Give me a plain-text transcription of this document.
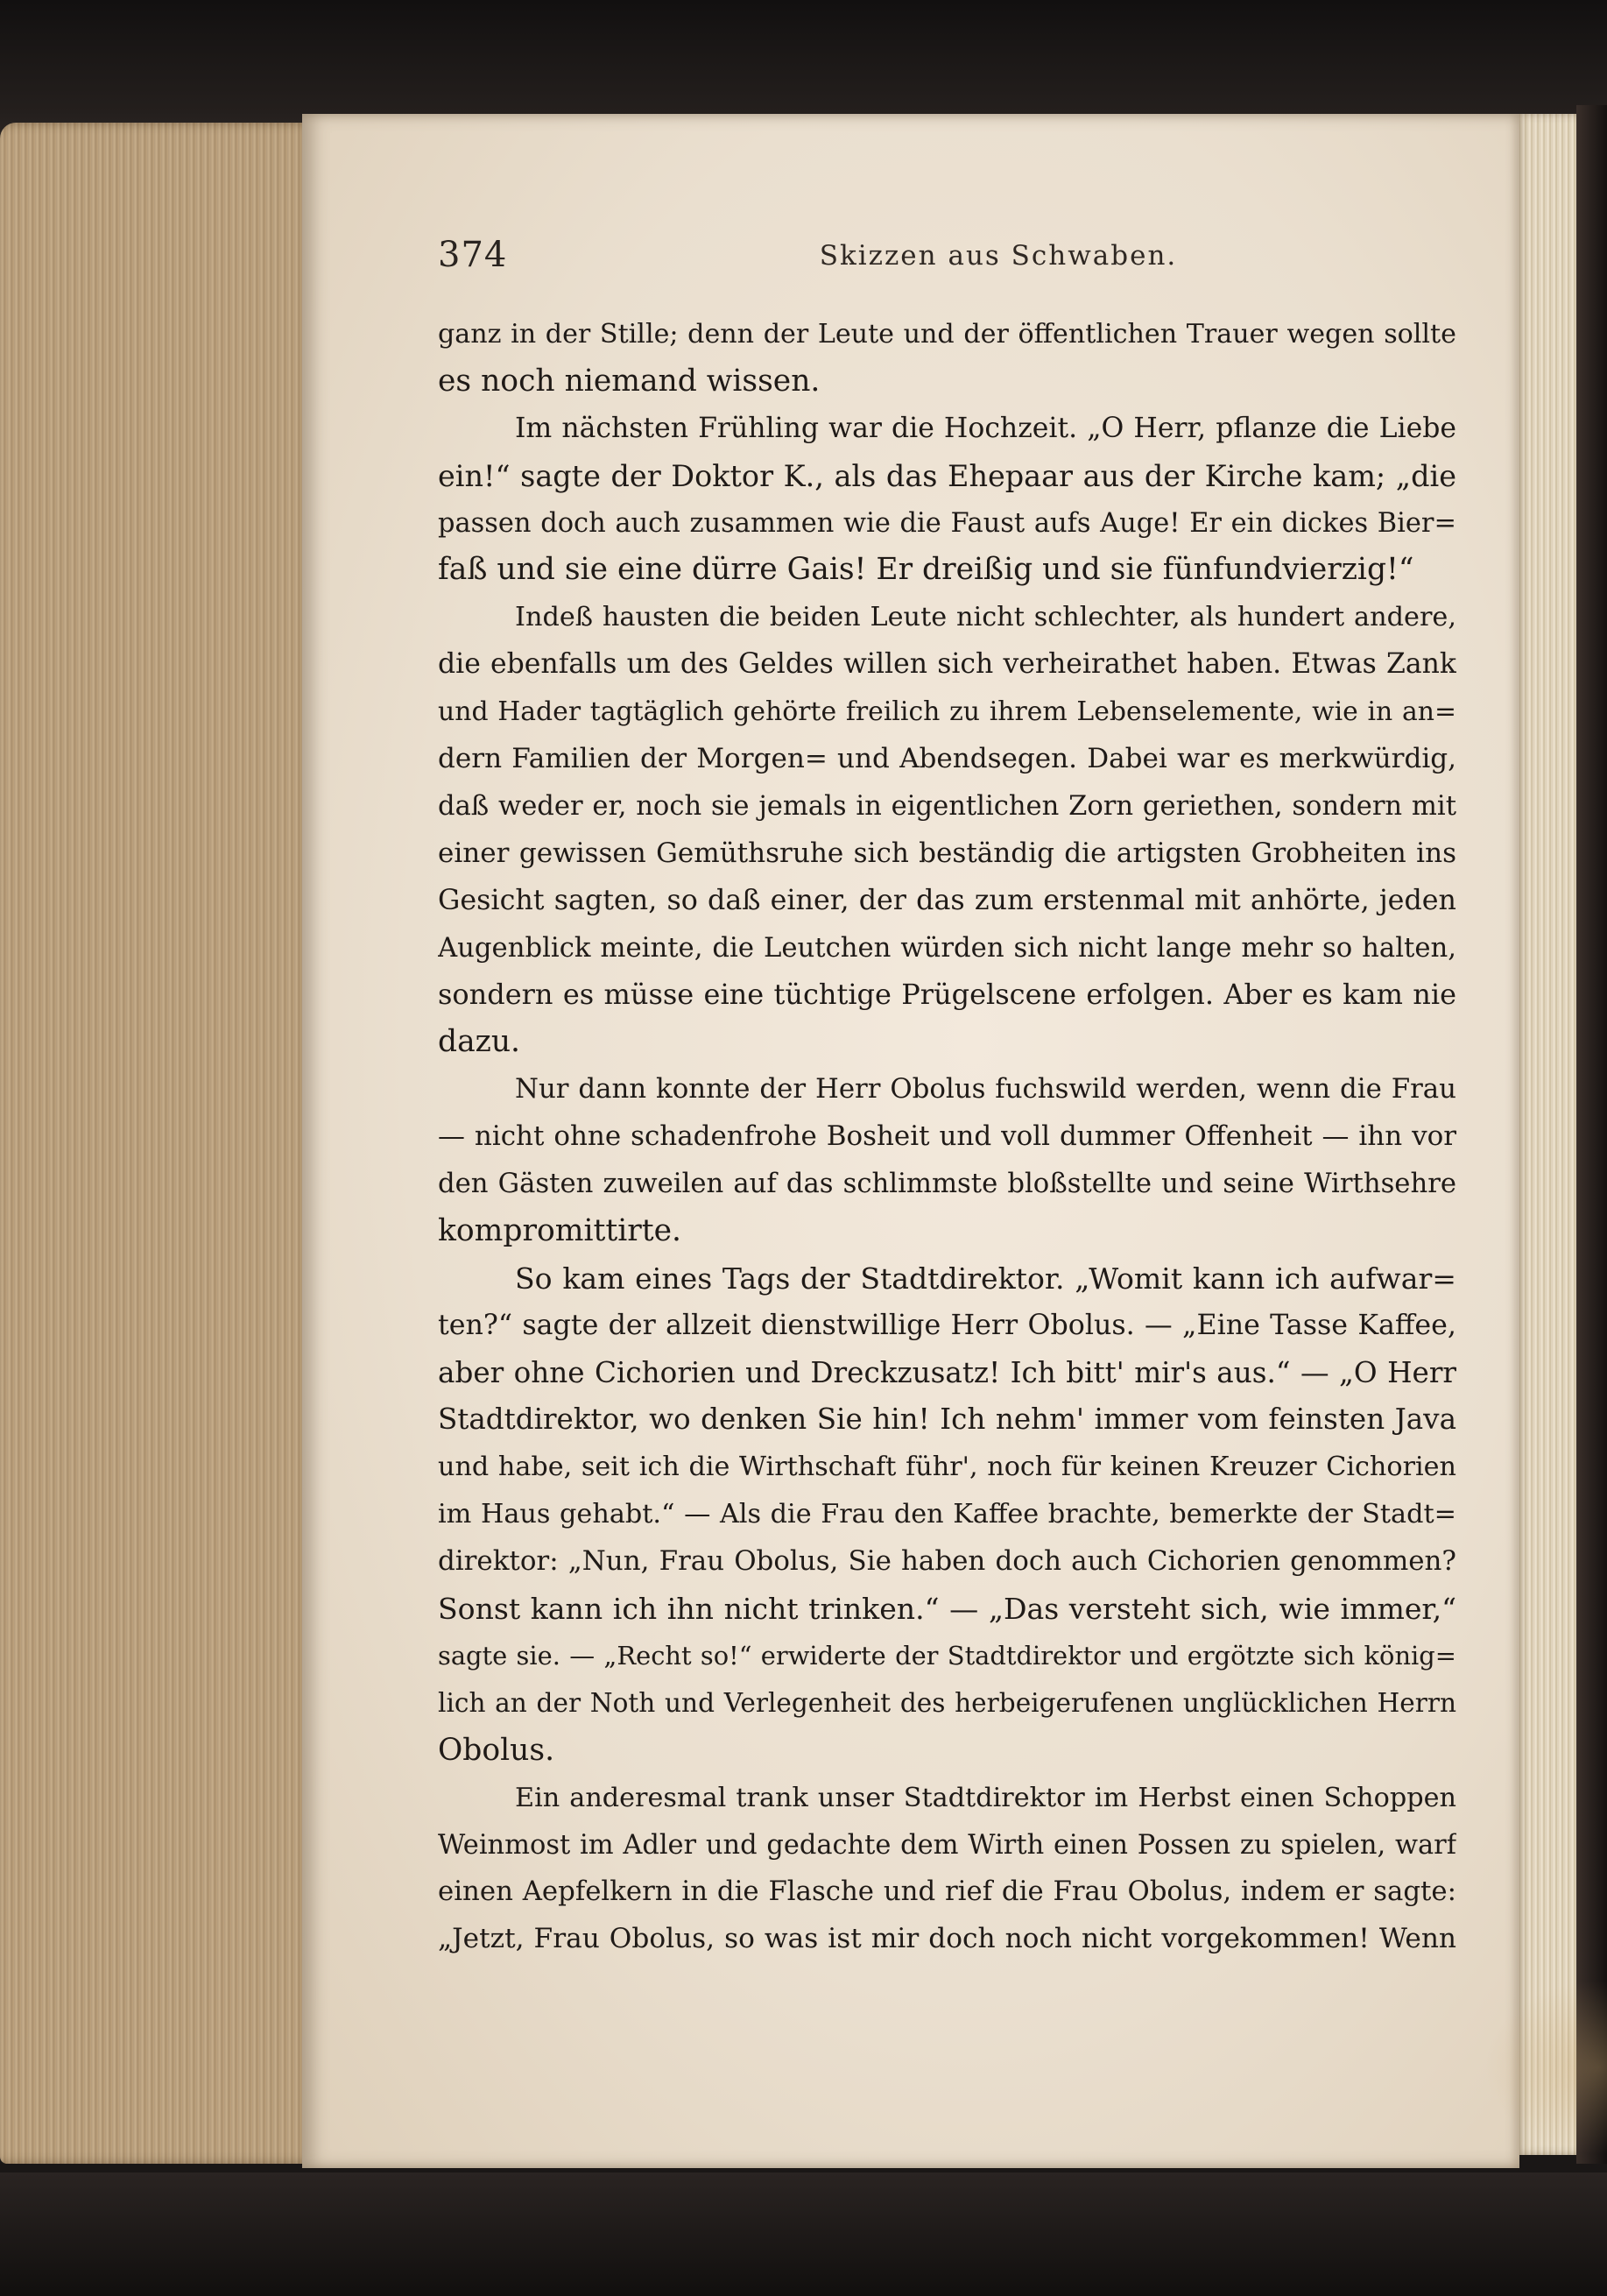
374	Skizzen aus Schwaben.
ganz in der Stille; denn der Leute und der öffentlichen Trauer wegen sollte
es noch niemand wissen.
Im nächsten Frühling war die Hochzeit. „O Herr, pflanze die Liebe
ein!“ sagte der Doktor K., als das Ehepaar aus der Kirche kam; „die
passen doch auch zusammen wie die Faust aufs Auge! Er ein dickes Bier=
faß und sie eine dürre Gais! Er dreißig und sie fünfundvierzig!“
Indeß hausten die beiden Leute nicht schlechter, als hundert andere,
die ebenfalls um des Geldes willen sich verheirathet haben. Etwas Zank
und Hader tagtäglich gehörte freilich zu ihrem Lebenselemente, wie in an=
dern Familien der Morgen= und Abendsegen. Dabei war es merkwürdig,
daß weder er, noch sie jemals in eigentlichen Zorn geriethen, sondern mit
einer gewissen Gemüthsruhe sich beständig die artigsten Grobheiten ins
Gesicht sagten, so daß einer, der das zum erstenmal mit anhörte, jeden
Augenblick meinte, die Leutchen würden sich nicht lange mehr so halten,
sondern es müsse eine tüchtige Prügelscene erfolgen. Aber es kam nie
dazu.
Nur dann konnte der Herr Obolus fuchswild werden, wenn die Frau
— nicht ohne schadenfrohe Bosheit und voll dummer Offenheit — ihn vor
den Gästen zuweilen auf das schlimmste bloßstellte und seine Wirthsehre
kompromittirte.
So kam eines Tags der Stadtdirektor. „Womit kann ich aufwar=
ten?“ sagte der allzeit dienstwillige Herr Obolus. — „Eine Tasse Kaffee,
aber ohne Cichorien und Dreckzusatz! Ich bitt' mir's aus.“ — „O Herr
Stadtdirektor, wo denken Sie hin! Ich nehm' immer vom feinsten Java
und habe, seit ich die Wirthschaft führ', noch für keinen Kreuzer Cichorien
im Haus gehabt.“ — Als die Frau den Kaffee brachte, bemerkte der Stadt=
direktor: „Nun, Frau Obolus, Sie haben doch auch Cichorien genommen?
Sonst kann ich ihn nicht trinken.“ — „Das versteht sich, wie immer,“
sagte sie. — „Recht so!“ erwiderte der Stadtdirektor und ergötzte sich könig=
lich an der Noth und Verlegenheit des herbeigerufenen unglücklichen Herrn
Obolus.
Ein anderesmal trank unser Stadtdirektor im Herbst einen Schoppen
Weinmost im Adler und gedachte dem Wirth einen Possen zu spielen, warf
einen Aepfelkern in die Flasche und rief die Frau Obolus, indem er sagte:
„Jetzt, Frau Obolus, so was ist mir doch noch nicht vorgekommen! Wenn
